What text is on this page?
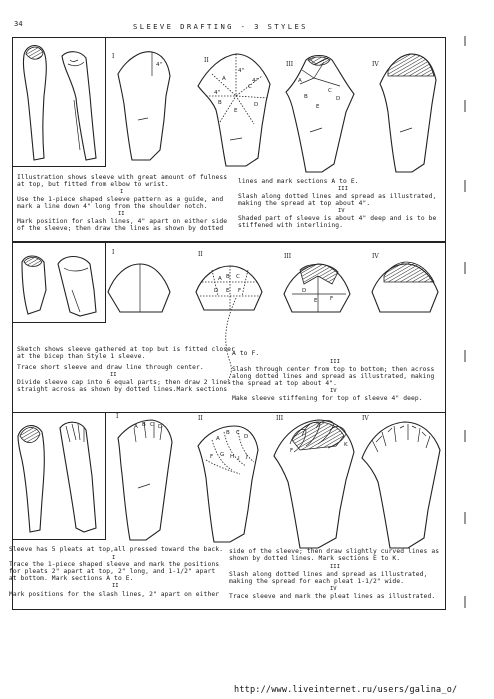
34	SLEEVE DRAFTING - 3 STYLES
I
II
III	IV
4"
4"
4"
4"
A
B
C
D
E
A
B
C
D
E
Illustration shows sleeve with great amount of fulness
at top, but fitted from elbow to wrist.
I
Use the 1-piece shaped sleeve pattern as a guide, and
mark a line down 4" long from the shoulder notch.
II
Mark position for slash lines, 4" apart on either side
of the sleeve; then draw the lines as shown by dotted
lines and mark sections A to E.
III
Slash along dotted lines and spread as illustrated,
making the spread at top about 4".
IV
Shaded part of sleeve is about 4" deep and is to be
stiffened with interlining.
I	II	III	IV
A B C
D E F	D
E F
Sketch shows sleeve gathered at top but is fitted closer
at the bicep than Style 1 sleeve.
Trace short sleeve and draw line through center.
II
Divide sleeve cap into 6 equal parts; then draw 2 lines
straight across as shown by dotted lines.Mark sections
A to F.
III
Slash through center from top to bottom; then across
along dotted lines and spread as illustrated, making
the spread at top about 4".
IV
Make sleeve stiffening for top of sleeve 4" deep.
I	II	III	IV
A B C D
A
B C
D
F G H I J
F
K
Sleeve has 5 pleats at top,all pressed toward the back.
I
Trace the 1-piece shaped sleeve and mark the positions
for pleats 2" apart at top, 2" long, and 1-1/2" apart
at bottom. Mark sections A to E.
II
Mark positions for the slash lines, 2" apart on either
side of the sleeve; then draw slightly curved lines as
shown by dotted lines. Mark sections E to K.
III
Slash along dotted lines and spread as illustrated,
making the spread for each pleat 1-1/2" wide.
IV
Trace sleeve and mark the pleat lines as illustrated.
http://www.liveinternet.ru/users/galina_o/
